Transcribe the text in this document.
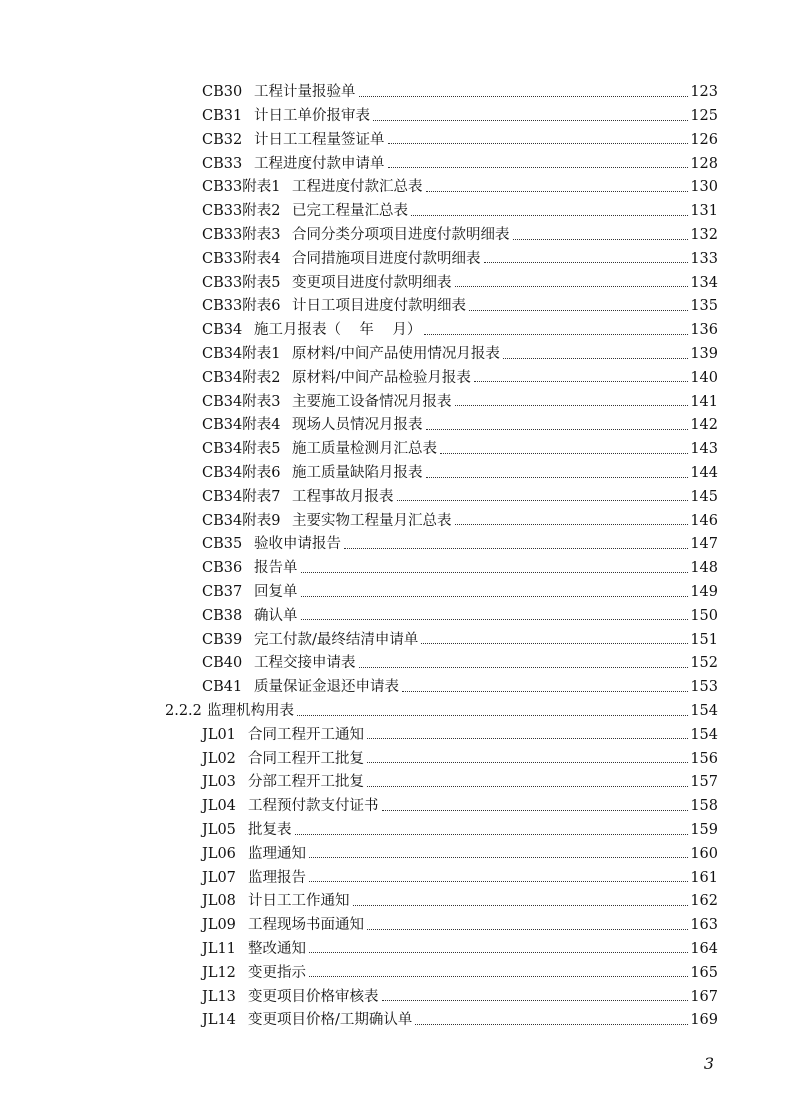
CB30 工程计量报验单	123
CB31 计日工单价报审表	125
CB32 计日工工程量签证单	126
CB33 工程进度付款申请单	128
CB33附表1 工程进度付款汇总表	130
CB33附表2 已完工程量汇总表	131
CB33附表3 合同分类分项项目进度付款明细表	132
CB33附表4 合同措施项目进度付款明细表	133
CB33附表5 变更项目进度付款明细表	134
CB33附表6 计日工项目进度付款明细表	135
CB34 施工月报表（    年    月）	136
CB34附表1 原材料/中间产品使用情况月报表	139
CB34附表2 原材料/中间产品检验月报表	140
CB34附表3 主要施工设备情况月报表	141
CB34附表4 现场人员情况月报表	142
CB34附表5 施工质量检测月汇总表	143
CB34附表6 施工质量缺陷月报表	144
CB34附表7 工程事故月报表	145
CB34附表9 主要实物工程量月汇总表	146
CB35 验收申请报告	147
CB36 报告单	148
CB37 回复单	149
CB38 确认单	150
CB39 完工付款/最终结清申请单	151
CB40 工程交接申请表	152
CB41 质量保证金退还申请表	153
2.2.2 监理机构用表	154
JL01 合同工程开工通知	154
JL02 合同工程开工批复	156
JL03 分部工程开工批复	157
JL04 工程预付款支付证书	158
JL05 批复表	159
JL06 监理通知	160
JL07 监理报告	161
JL08 计日工工作通知	162
JL09 工程现场书面通知	163
JL11 整改通知	164
JL12 变更指示	165
JL13 变更项目价格审核表	167
JL14 变更项目价格/工期确认单	169
3
